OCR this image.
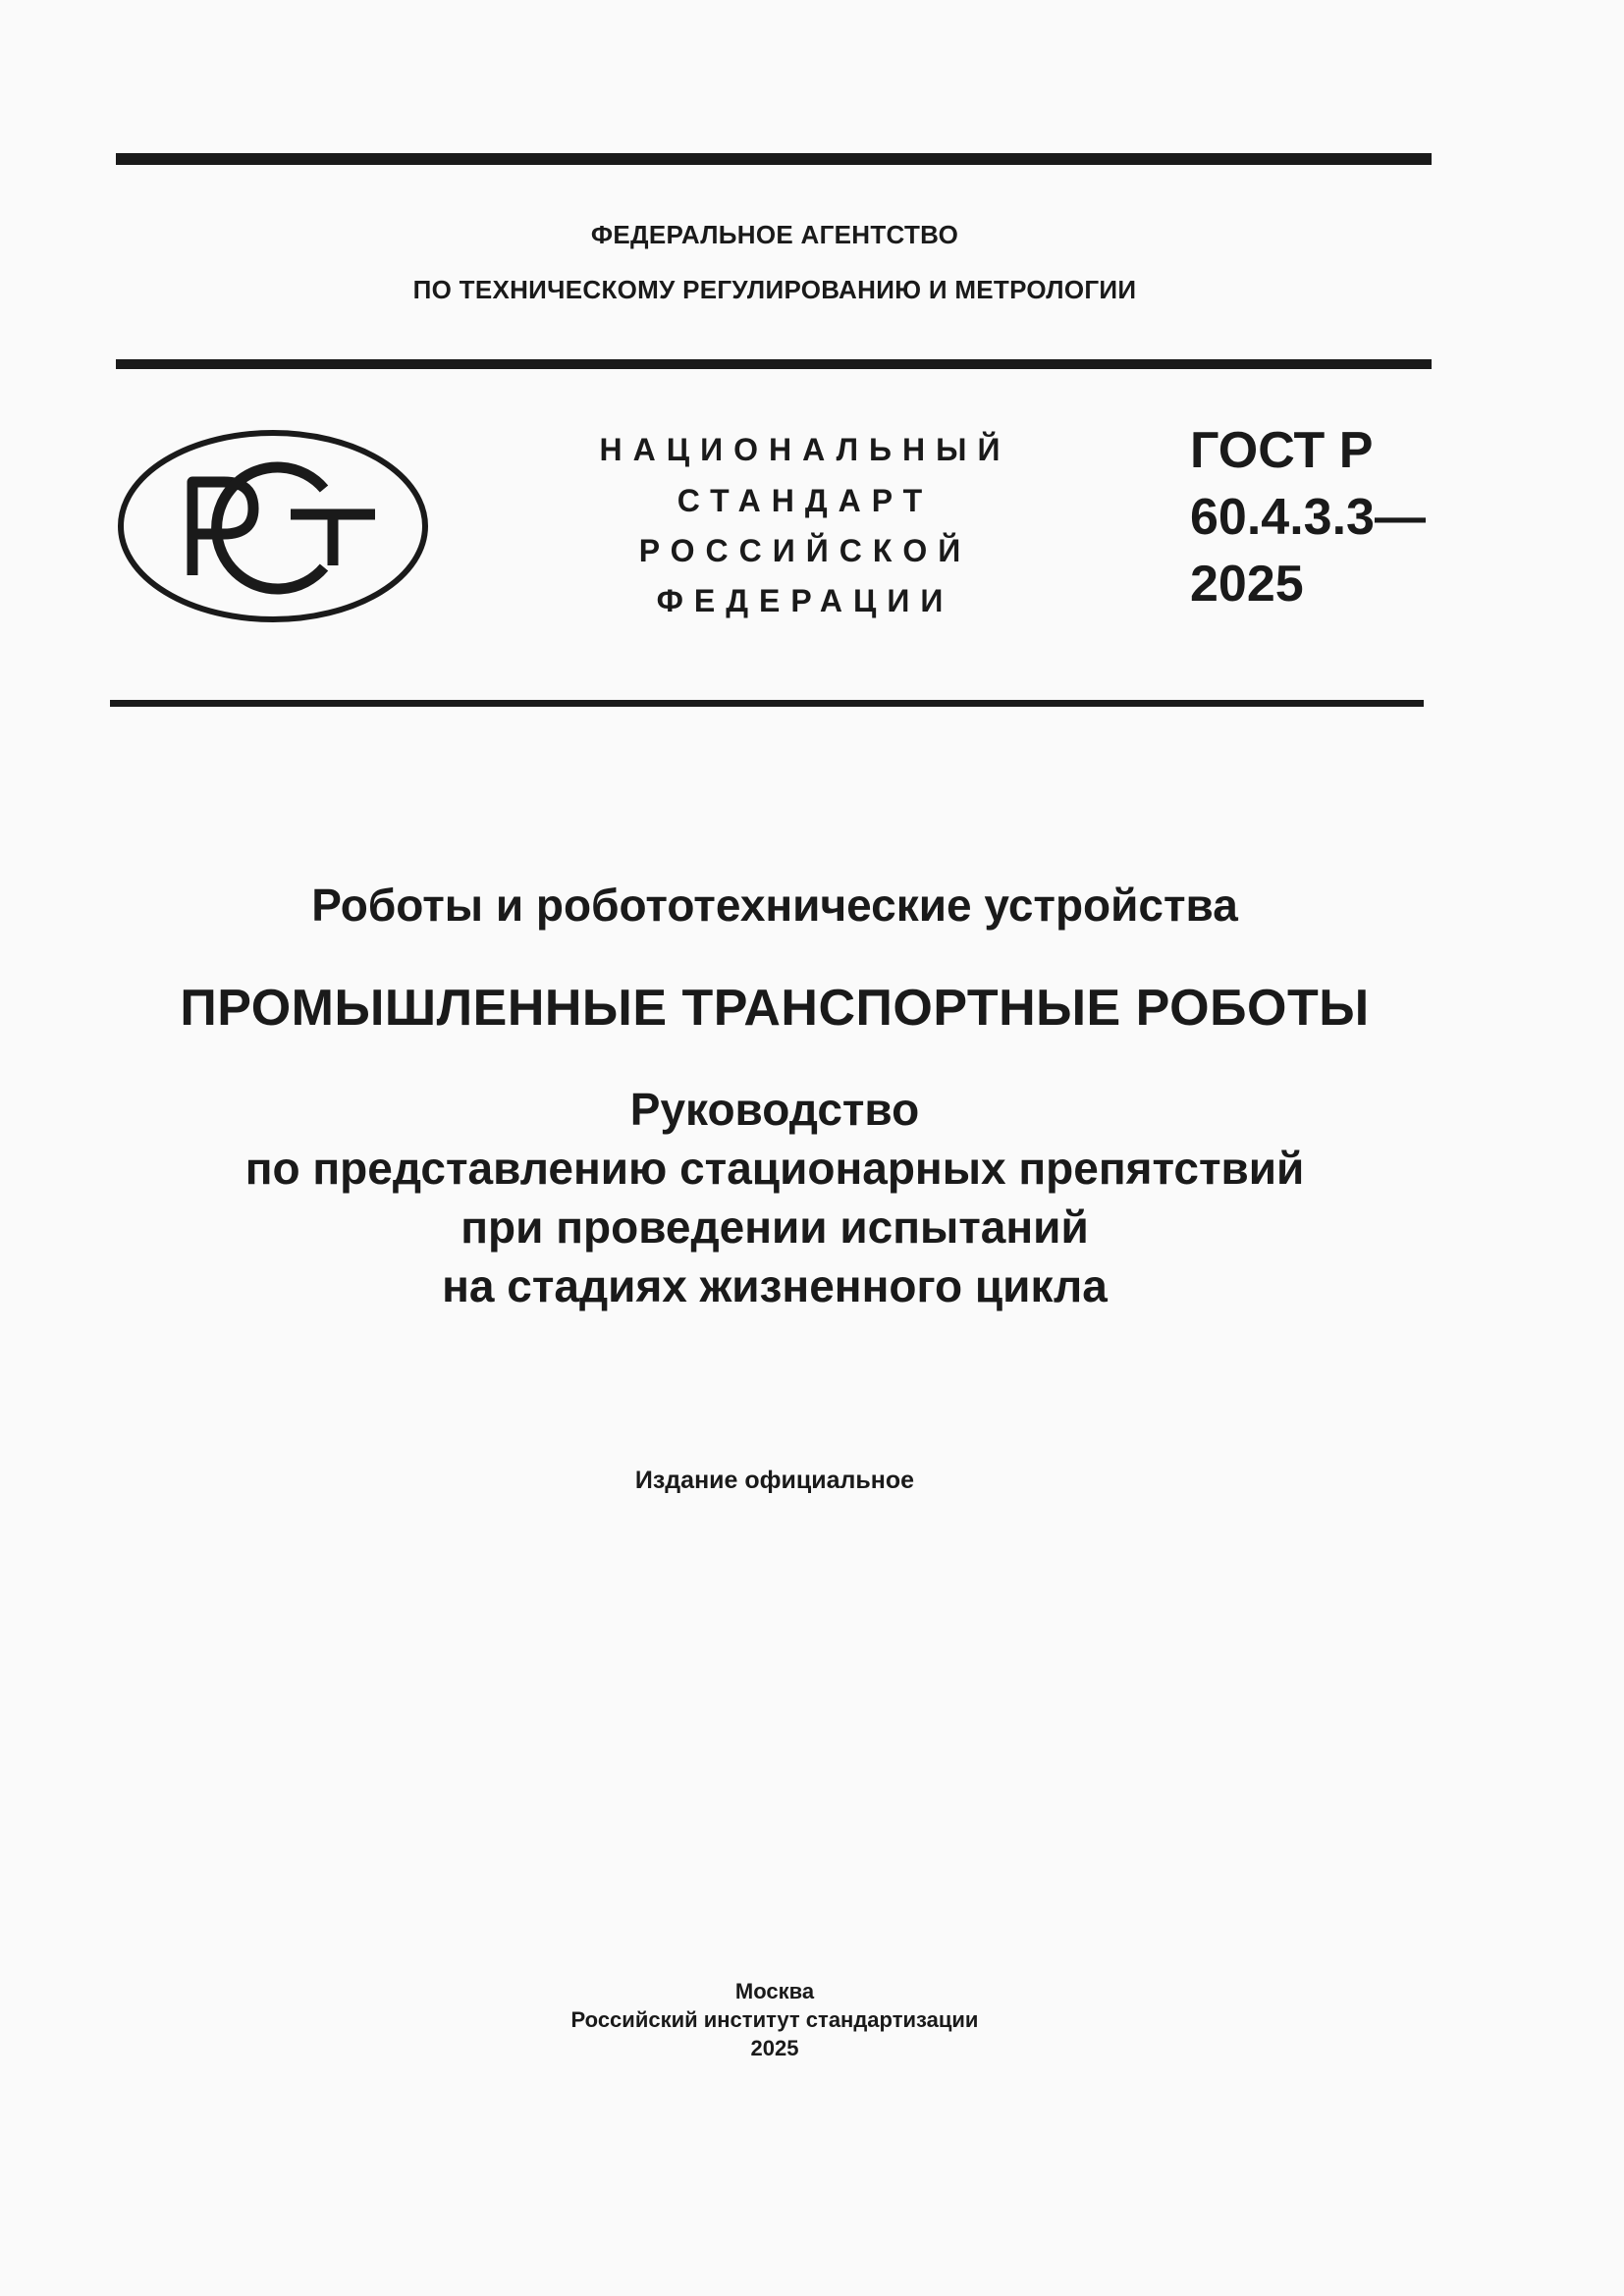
ФЕДЕРАЛЬНОЕ АГЕНТСТВО
ПО ТЕХНИЧЕСКОМУ РЕГУЛИРОВАНИЮ И МЕТРОЛОГИИ
НАЦИОНАЛЬНЫЙ
СТАНДАРТ
РОССИЙСКОЙ
ФЕДЕРАЦИИ
ГОСТ Р
60.4.3.3—
2025
Роботы и робототехнические устройства
ПРОМЫШЛЕННЫЕ ТРАНСПОРТНЫЕ РОБОТЫ
Руководство
по представлению стационарных препятствий
при проведении испытаний
на стадиях жизненного цикла
Издание официальное
Москва
Российский институт стандартизации
2025
